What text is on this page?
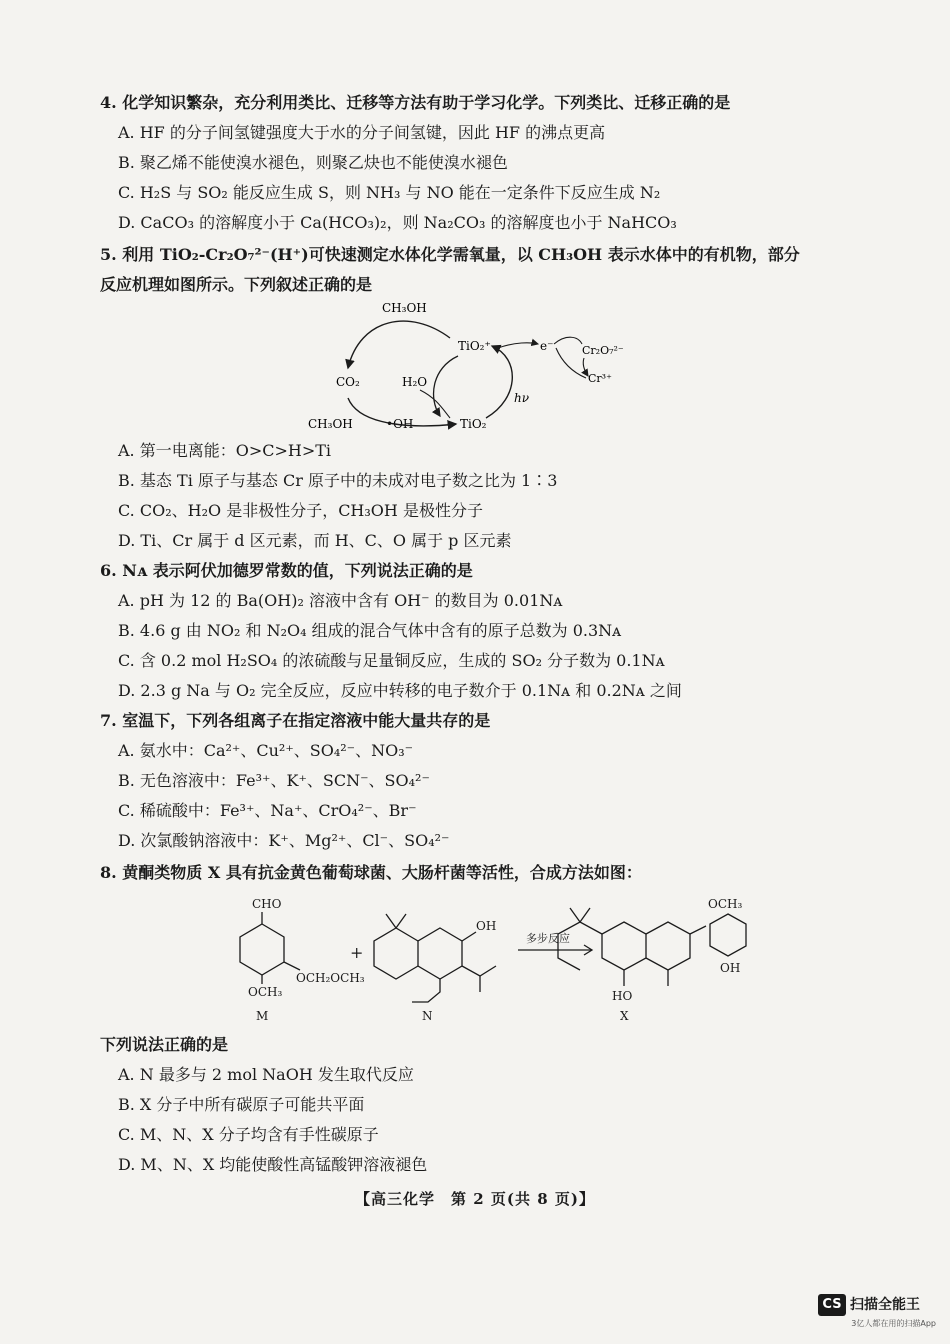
4. 化学知识繁杂，充分利用类比、迁移等方法有助于学习化学。下列类比、迁移正确的是
A. HF 的分子间氢键强度大于水的分子间氢键，因此 HF 的沸点更高
B. 聚乙烯不能使溴水褪色，则聚乙炔也不能使溴水褪色
C. H₂S 与 SO₂ 能反应生成 S，则 NH₃ 与 NO 能在一定条件下反应生成 N₂
D. CaCO₃ 的溶解度小于 Ca(HCO₃)₂，则 Na₂CO₃ 的溶解度也小于 NaHCO₃
5. 利用 TiO₂-Cr₂O₇²⁻(H⁺)可快速测定水体化学需氧量，以 CH₃OH 表示水体中的有机物，部分
反应机理如图所示。下列叙述正确的是
CH₃OH
TiO₂⁺
CO₂	H₂O
CH₃OH	•OH	TiO₂
hν
e⁻	Cr₂O₇²⁻
Cr³⁺
A. 第一电离能：O>C>H>Ti
B. 基态 Ti 原子与基态 Cr 原子中的未成对电子数之比为 1∶3
C. CO₂、H₂O 是非极性分子，CH₃OH 是极性分子
D. Ti、Cr 属于 d 区元素，而 H、C、O 属于 p 区元素
6. Nᴀ 表示阿伏加德罗常数的值，下列说法正确的是
A. pH 为 12 的 Ba(OH)₂ 溶液中含有 OH⁻ 的数目为 0.01Nᴀ
B. 4.6 g 由 NO₂ 和 N₂O₄ 组成的混合气体中含有的原子总数为 0.3Nᴀ
C. 含 0.2 mol H₂SO₄ 的浓硫酸与足量铜反应，生成的 SO₂ 分子数为 0.1Nᴀ
D. 2.3 g Na 与 O₂ 完全反应，反应中转移的电子数介于 0.1Nᴀ 和 0.2Nᴀ 之间
7. 室温下，下列各组离子在指定溶液中能大量共存的是
A. 氨水中：Ca²⁺、Cu²⁺、SO₄²⁻、NO₃⁻
B. 无色溶液中：Fe³⁺、K⁺、SCN⁻、SO₄²⁻
C. 稀硫酸中：Fe³⁺、Na⁺、CrO₄²⁻、Br⁻
D. 次氯酸钠溶液中：K⁺、Mg²⁺、Cl⁻、SO₄²⁻
8. 黄酮类物质 X 具有抗金黄色葡萄球菌、大肠杆菌等活性，合成方法如图：
CHO
OCH₂OCH₃
OCH₃
+
OH
多步反应
OCH₃
OH
HO
M	N	X
下列说法正确的是
A. N 最多与 2 mol NaOH 发生取代反应
B. X 分子中所有碳原子可能共平面
C. M、N、X 分子均含有手性碳原子
D. M、N、X 均能使酸性高锰酸钾溶液褪色
【高三化学　第 2 页(共 8 页)】
CS 扫描全能王
3亿人都在用的扫描App
